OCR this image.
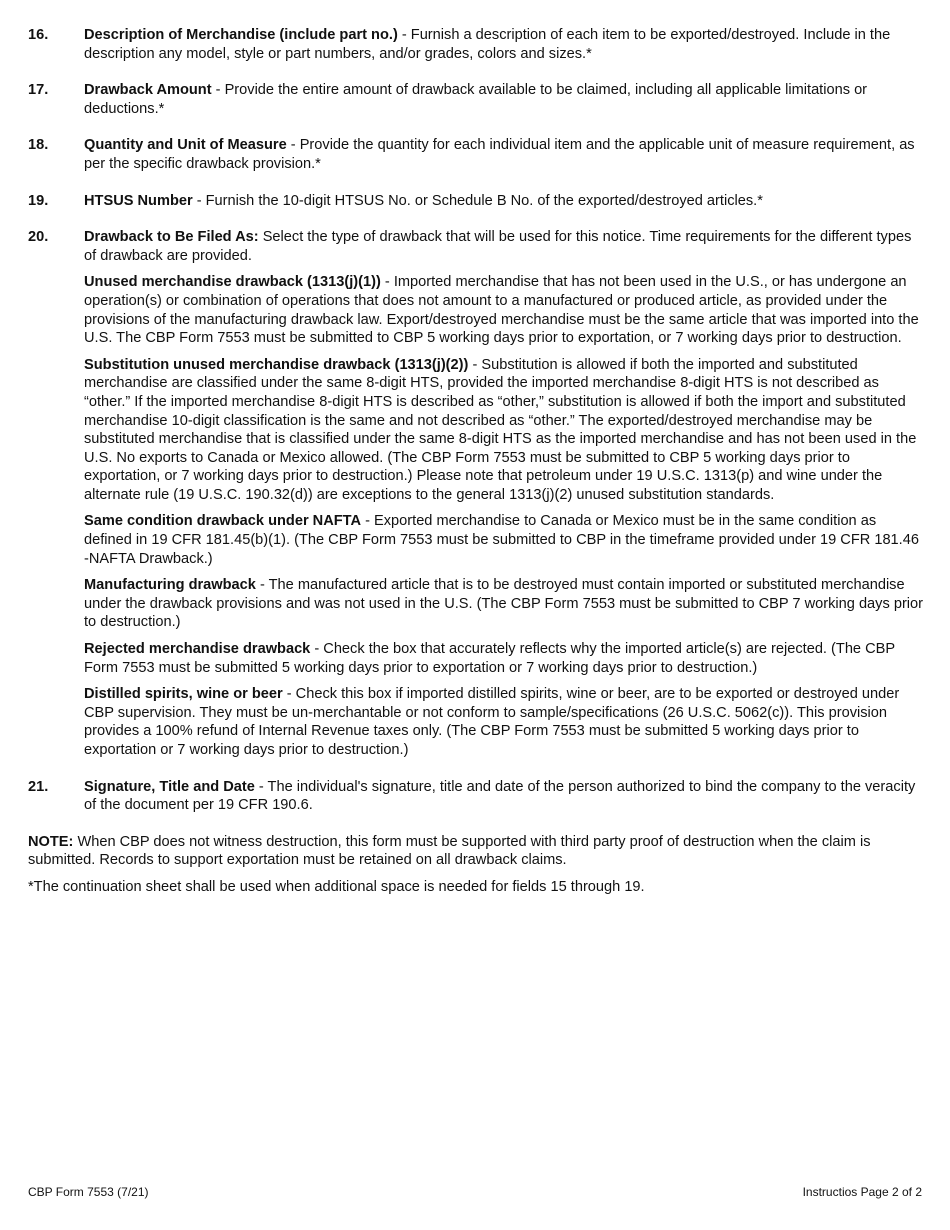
16.	Description of Merchandise (include part no.) - Furnish a description of each item to be exported/destroyed. Include in the description any model, style or part numbers, and/or grades, colors and sizes.*
17.	Drawback Amount - Provide the entire amount of drawback available to be claimed, including all applicable limitations or deductions.*
18.	Quantity and Unit of Measure - Provide the quantity for each individual item and the applicable unit of measure requirement, as per the specific drawback provision.*
19.	HTSUS Number - Furnish the 10-digit HTSUS No. or Schedule B No. of the exported/destroyed articles.*
20.	Drawback to Be Filed As: Select the type of drawback that will be used for this notice. Time requirements for the different types of drawback are provided.
Unused merchandise drawback (1313(j)(1)) - Imported merchandise that has not been used in the U.S., or has undergone an operation(s) or combination of operations that does not amount to a manufactured or produced article, as provided under the provisions of the manufacturing drawback law. Export/destroyed merchandise must be the same article that was imported into the U.S. The CBP Form 7553 must be submitted to CBP 5 working days prior to exportation, or 7 working days prior to destruction.
Substitution unused merchandise drawback (1313(j)(2)) - Substitution is allowed if both the imported and substituted merchandise are classified under the same 8-digit HTS, provided the imported merchandise 8-digit HTS is not described as “other.” If the imported merchandise 8-digit HTS is described as “other,” substitution is allowed if both the import and substituted merchandise 10-digit classification is the same and not described as “other.” The exported/destroyed merchandise may be substituted merchandise that is classified under the same 8-digit HTS as the imported merchandise and has not been used in the U.S. No exports to Canada or Mexico allowed. (The CBP Form 7553 must be submitted to CBP 5 working days prior to exportation, or 7 working days prior to destruction.) Please note that petroleum under 19 U.S.C. 1313(p) and wine under the alternate rule (19 U.S.C. 190.32(d)) are exceptions to the general 1313(j)(2) unused substitution standards.
Same condition drawback under NAFTA - Exported merchandise to Canada or Mexico must be in the same condition as defined in 19 CFR 181.45(b)(1). (The CBP Form 7553 must be submitted to CBP in the timeframe provided under 19 CFR 181.46 -NAFTA Drawback.)
Manufacturing drawback - The manufactured article that is to be destroyed must contain imported or substituted merchandise under the drawback provisions and was not used in the U.S. (The CBP Form 7553 must be submitted to CBP 7 working days prior to destruction.)
Rejected merchandise drawback - Check the box that accurately reflects why the imported article(s) are rejected. (The CBP Form 7553 must be submitted 5 working days prior to exportation or 7 working days prior to destruction.)
Distilled spirits, wine or beer - Check this box if imported distilled spirits, wine or beer, are to be exported or destroyed under CBP supervision. They must be un-merchantable or not conform to sample/specifications (26 U.S.C. 5062(c)). This provision provides a 100% refund of Internal Revenue taxes only. (The CBP Form 7553 must be submitted 5 working days prior to exportation or 7 working days prior to destruction.)
21.	Signature, Title and Date - The individual's signature, title and date of the person authorized to bind the company to the veracity of the document per 19 CFR 190.6.
NOTE: When CBP does not witness destruction, this form must be supported with third party proof of destruction when the claim is submitted. Records to support exportation must be retained on all drawback claims.
*The continuation sheet shall be used when additional space is needed for fields 15 through 19.
CBP Form 7553 (7/21)	Instructios Page 2 of 2
